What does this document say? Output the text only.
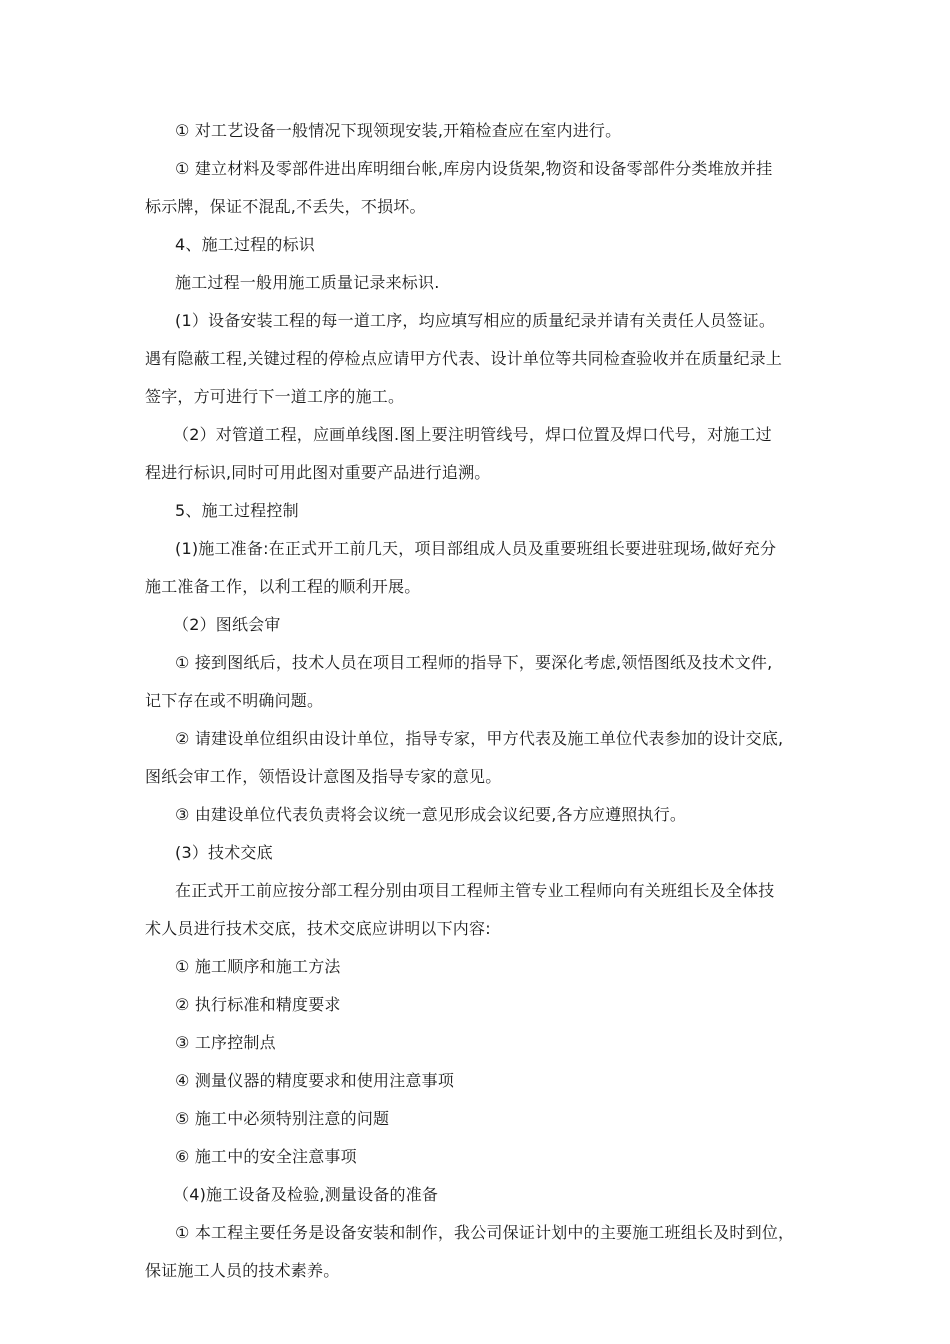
① 对工艺设备一般情况下现领现安装,开箱检查应在室内进行。

① 建立材料及零部件进出库明细台帐,库房内设货架,物资和设备零部件分类堆放并挂

标示牌，保证不混乱,不丢失，不损坏。

4、施工过程的标识

施工过程一般用施工质量记录来标识.

(1）设备安装工程的每一道工序，均应填写相应的质量纪录并请有关责任人员签证。

遇有隐蔽工程,关键过程的停检点应请甲方代表、设计单位等共同检查验收并在质量纪录上

签字，方可进行下一道工序的施工。

（2）对管道工程，应画单线图.图上要注明管线号，焊口位置及焊口代号，对施工过

程进行标识,同时可用此图对重要产品进行追溯。

5、施工过程控制

(1)施工准备:在正式开工前几天，项目部组成人员及重要班组长要进驻现场,做好充分

施工准备工作，以利工程的顺利开展。

（2）图纸会审

① 接到图纸后，技术人员在项目工程师的指导下，要深化考虑,领悟图纸及技术文件,

记下存在或不明确问题。

② 请建设单位组织由设计单位，指导专家，甲方代表及施工单位代表参加的设计交底,

图纸会审工作，领悟设计意图及指导专家的意见。

③ 由建设单位代表负责将会议统一意见形成会议纪要,各方应遵照执行。

(3）技术交底

在正式开工前应按分部工程分别由项目工程师主管专业工程师向有关班组长及全体技

术人员进行技术交底，技术交底应讲明以下内容:

① 施工顺序和施工方法

② 执行标准和精度要求

③ 工序控制点

④ 测量仪器的精度要求和使用注意事项

⑤ 施工中必须特别注意的问题

⑥ 施工中的安全注意事项

（4)施工设备及检验,测量设备的准备

① 本工程主要任务是设备安装和制作，我公司保证计划中的主要施工班组长及时到位，

保证施工人员的技术素养。
